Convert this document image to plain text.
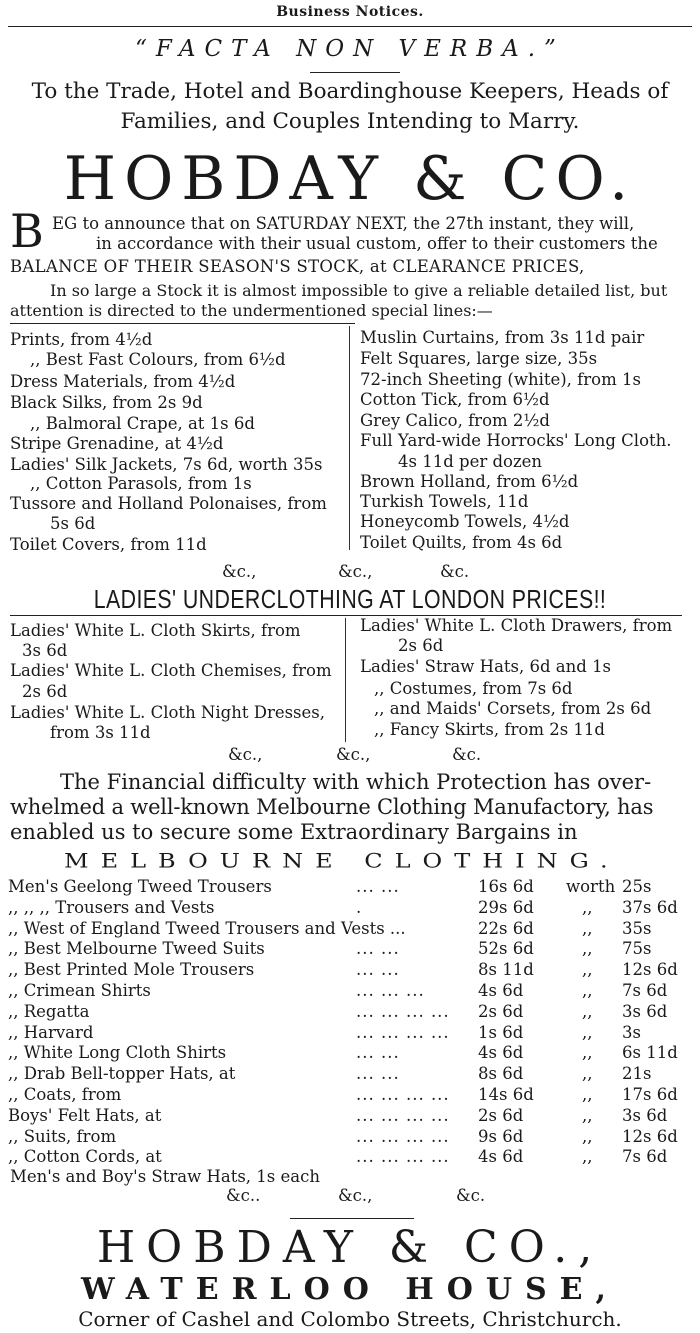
Business Notices.
“FACTA NON VERBA.”
To the Trade, Hotel and Boardinghouse Keepers, Heads of
Families, and Couples Intending to Marry.
HOBDAY & CO.
B EG to announce that on SATURDAY NEXT, the 27th instant, they will,
in accordance with their usual custom, offer to their customers the
BALANCE OF THEIR SEASON'S STOCK, at CLEARANCE PRICES,
In so large a Stock it is almost impossible to give a reliable detailed list, but
attention is directed to the undermentioned special lines:—
Prints, from 4½d
,, Best Fast Colours, from 6½d
Dress Materials, from 4½d
Black Silks, from 2s 9d
,, Balmoral Crape, at 1s 6d
Stripe Grenadine, at 4½d
Ladies' Silk Jackets, 7s 6d, worth 35s
,, Cotton Parasols, from 1s
Tussore and Holland Polonaises, from
5s 6d
Toilet Covers, from 11d
Muslin Curtains, from 3s 11d pair
Felt Squares, large size, 35s
72-inch Sheeting (white), from 1s
Cotton Tick, from 6½d
Grey Calico, from 2½d
Full Yard-wide Horrocks' Long Cloth.
4s 11d per dozen
Brown Holland, from 6½d
Turkish Towels, 11d
Honeycomb Towels, 4½d
Toilet Quilts, from 4s 6d
&c.,	&c.,	&c.
LADIES' UNDERCLOTHING AT LONDON PRICES!!
Ladies' White L. Cloth Skirts, from
3s 6d
Ladies' White L. Cloth Chemises, from
2s 6d
Ladies' White L. Cloth Night Dresses,
from 3s 11d
Ladies' White L. Cloth Drawers, from
2s 6d
Ladies' Straw Hats, 6d and 1s
,, Costumes, from 7s 6d
,, and Maids' Corsets, from 2s 6d
,, Fancy Skirts, from 2s 11d
&c.,	&c.,	&c.
The Financial difficulty with which Protection has over-
whelmed a well-known Melbourne Clothing Manufactory, has
enabled us to secure some Extraordinary Bargains in
MELBOURNE CLOTHING.
Men's Geelong Tweed Trousers	... ...	16s 6d worth 25s
,, ,, ,, Trousers and Vests	.	29s 6d	,, 37s 6d
,, West of England Tweed Trousers and Vests ...	22s 6d	,, 35s
,, Best Melbourne Tweed Suits	... ...	52s 6d	,, 75s
,, Best Printed Mole Trousers	... ...	8s 11d	,, 12s 6d
,, Crimean Shirts	... ... ...	4s 6d	,, 7s 6d
,, Regatta	... ... ... ... 2s 6d	,, 3s 6d
,, Harvard	... ... ... ... 1s 6d	,, 3s
,, White Long Cloth Shirts	... ...	4s 6d	,, 6s 11d
,, Drab Bell-topper Hats, at	... ...	8s 6d	,, 21s
,, Coats, from	... ... ... ... 14s 6d	,, 17s 6d
Boys' Felt Hats, at	... ... ... ... 2s 6d	,, 3s 6d
,, Suits, from	... ... ... ... 9s 6d	,, 12s 6d
,, Cotton Cords, at	... ... ... ... 4s 6d	,, 7s 6d
Men's and Boy's Straw Hats, 1s each
&c..	&c.,	&c.
HOBDAY & CO.,
WATERLOO HOUSE,
Corner of Cashel and Colombo Streets, Christchurch.
